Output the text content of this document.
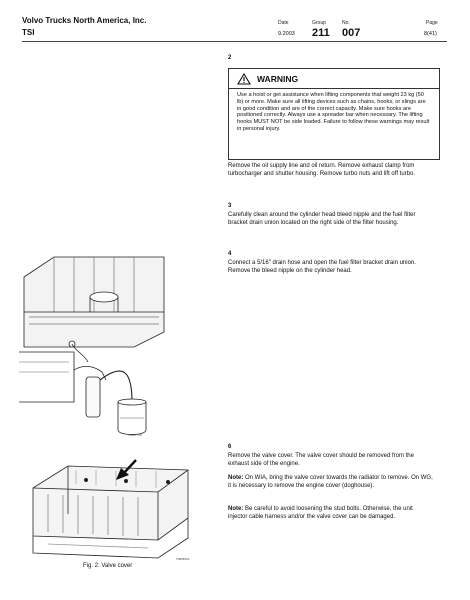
Volvo Trucks North America, Inc.
TSI
Date
9.2003
Group
211
No.
007
Page
8(41)
2
WARNING
Use a hoist or get assistance when lifting components that weight 23 kg (50 lb) or more. Make sure all lifting devices such as chains, hooks, or slings are in good condition and are of the correct capacity. Make sure hooks are positioned correctly. Always use a spreader bar when necessary. The lifting hooks MUST NOT be side loaded. Failure to follow these warnings may result in personal injury.
Remove the oil supply line and oil return. Remove exhaust clamp from turbocharger and shutter housing. Remove turbo nuts and lift off turbo.
3
Carefully clean around the cylinder head bleed nipple and the fuel filter bracket drain union located on the right side of the filter housing.
4
Connect a 5/16" drain hose and open the fuel filter bracket drain union. Remove the bleed nipple on the cylinder head.
T3067719
6
Remove the valve cover. The valve cover should be removed from the exhaust side of the engine.
Note: On WIA, bring the valve cover towards the radiator to remove. On WG, it is necessary to remove the engine cover (doghouse).
Note: Be careful to avoid loosening the stud bolts. Otherwise, the unit injector cable harness and/or the valve cover can be damaged.
T3068721
Fig. 2: Valve cover
